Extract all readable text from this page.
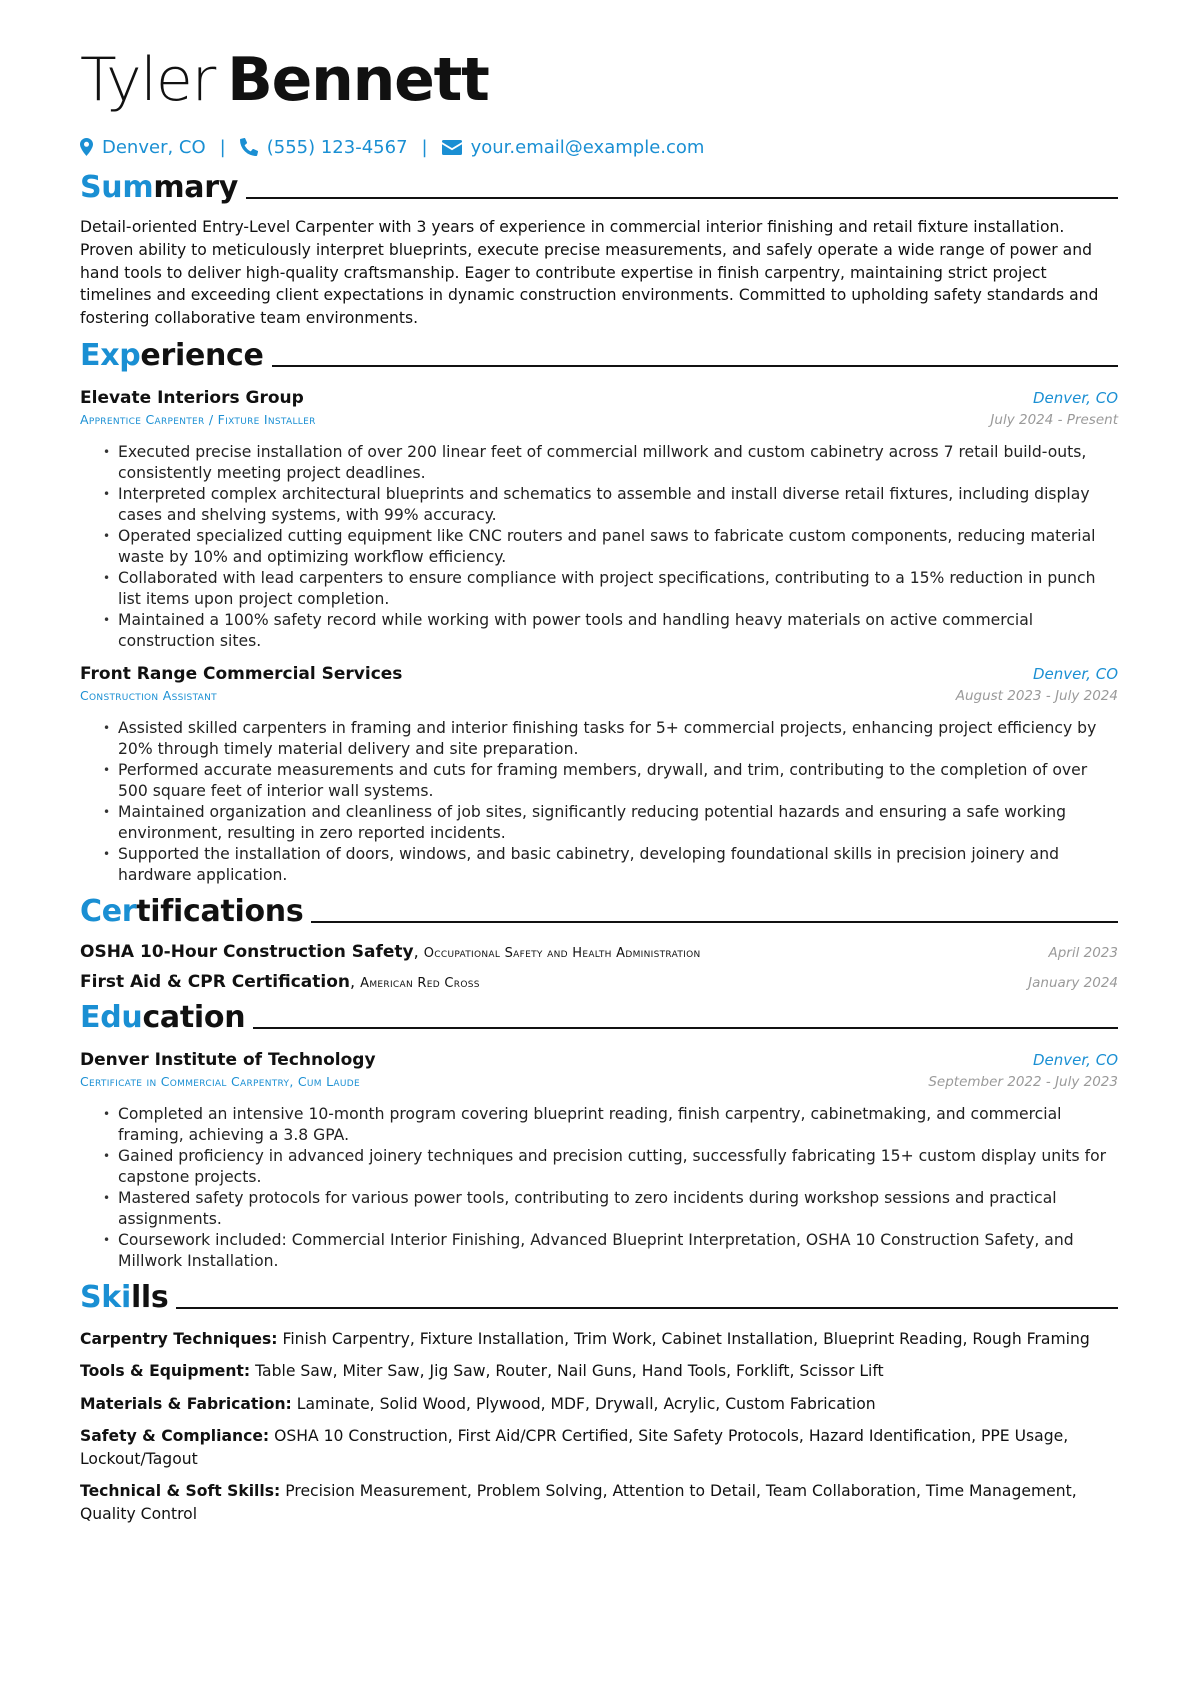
Tyler Bennett
Denver, CO | (555) 123-4567 | your.email@example.com
Summary

Detail-oriented Entry-Level Carpenter with 3 years of experience in commercial interior finishing and retail fixture installation. Proven ability to meticulously interpret blueprints, execute precise measurements, and safely operate a wide range of power and hand tools to deliver high-quality craftsmanship. Eager to contribute expertise in finish carpentry, maintaining strict project timelines and exceeding client expectations in dynamic construction environments. Committed to upholding safety standards and fostering collaborative team environments.

Experience
Elevate Interiors Group	Denver, CO
Apprentice Carpenter / Fixture Installer	July 2024 - Present
• Executed precise installation of over 200 linear feet of commercial millwork and custom cabinetry across 7 retail build-outs, consistently meeting project deadlines.
• Interpreted complex architectural blueprints and schematics to assemble and install diverse retail fixtures, including display cases and shelving systems, with 99% accuracy.
• Operated specialized cutting equipment like CNC routers and panel saws to fabricate custom components, reducing material waste by 10% and optimizing workflow efficiency.
• Collaborated with lead carpenters to ensure compliance with project specifications, contributing to a 15% reduction in punch list items upon project completion.
• Maintained a 100% safety record while working with power tools and handling heavy materials on active commercial construction sites.
Front Range Commercial Services	Denver, CO
Construction Assistant	August 2023 - July 2024
• Assisted skilled carpenters in framing and interior finishing tasks for 5+ commercial projects, enhancing project efficiency by 20% through timely material delivery and site preparation.
• Performed accurate measurements and cuts for framing members, drywall, and trim, contributing to the completion of over 500 square feet of interior wall systems.
• Maintained organization and cleanliness of job sites, significantly reducing potential hazards and ensuring a safe working environment, resulting in zero reported incidents.
• Supported the installation of doors, windows, and basic cabinetry, developing foundational skills in precision joinery and hardware application.
Certifications
OSHA 10-Hour Construction Safety, Occupational Safety and Health Administration	April 2023
First Aid & CPR Certification, American Red Cross	January 2024
Education
Denver Institute of Technology	Denver, CO
Certificate in Commercial Carpentry, Cum Laude	September 2022 - July 2023
• Completed an intensive 10-month program covering blueprint reading, finish carpentry, cabinetmaking, and commercial framing, achieving a 3.8 GPA.
• Gained proficiency in advanced joinery techniques and precision cutting, successfully fabricating 15+ custom display units for capstone projects.
• Mastered safety protocols for various power tools, contributing to zero incidents during workshop sessions and practical assignments.
• Coursework included: Commercial Interior Finishing, Advanced Blueprint Interpretation, OSHA 10 Construction Safety, and Millwork Installation.
Skills
Carpentry Techniques: Finish Carpentry, Fixture Installation, Trim Work, Cabinet Installation, Blueprint Reading, Rough Framing
Tools & Equipment: Table Saw, Miter Saw, Jig Saw, Router, Nail Guns, Hand Tools, Forklift, Scissor Lift
Materials & Fabrication: Laminate, Solid Wood, Plywood, MDF, Drywall, Acrylic, Custom Fabrication
Safety & Compliance: OSHA 10 Construction, First Aid/CPR Certified, Site Safety Protocols, Hazard Identification, PPE Usage, Lockout/Tagout
Technical & Soft Skills: Precision Measurement, Problem Solving, Attention to Detail, Team Collaboration, Time Management, Quality Control
